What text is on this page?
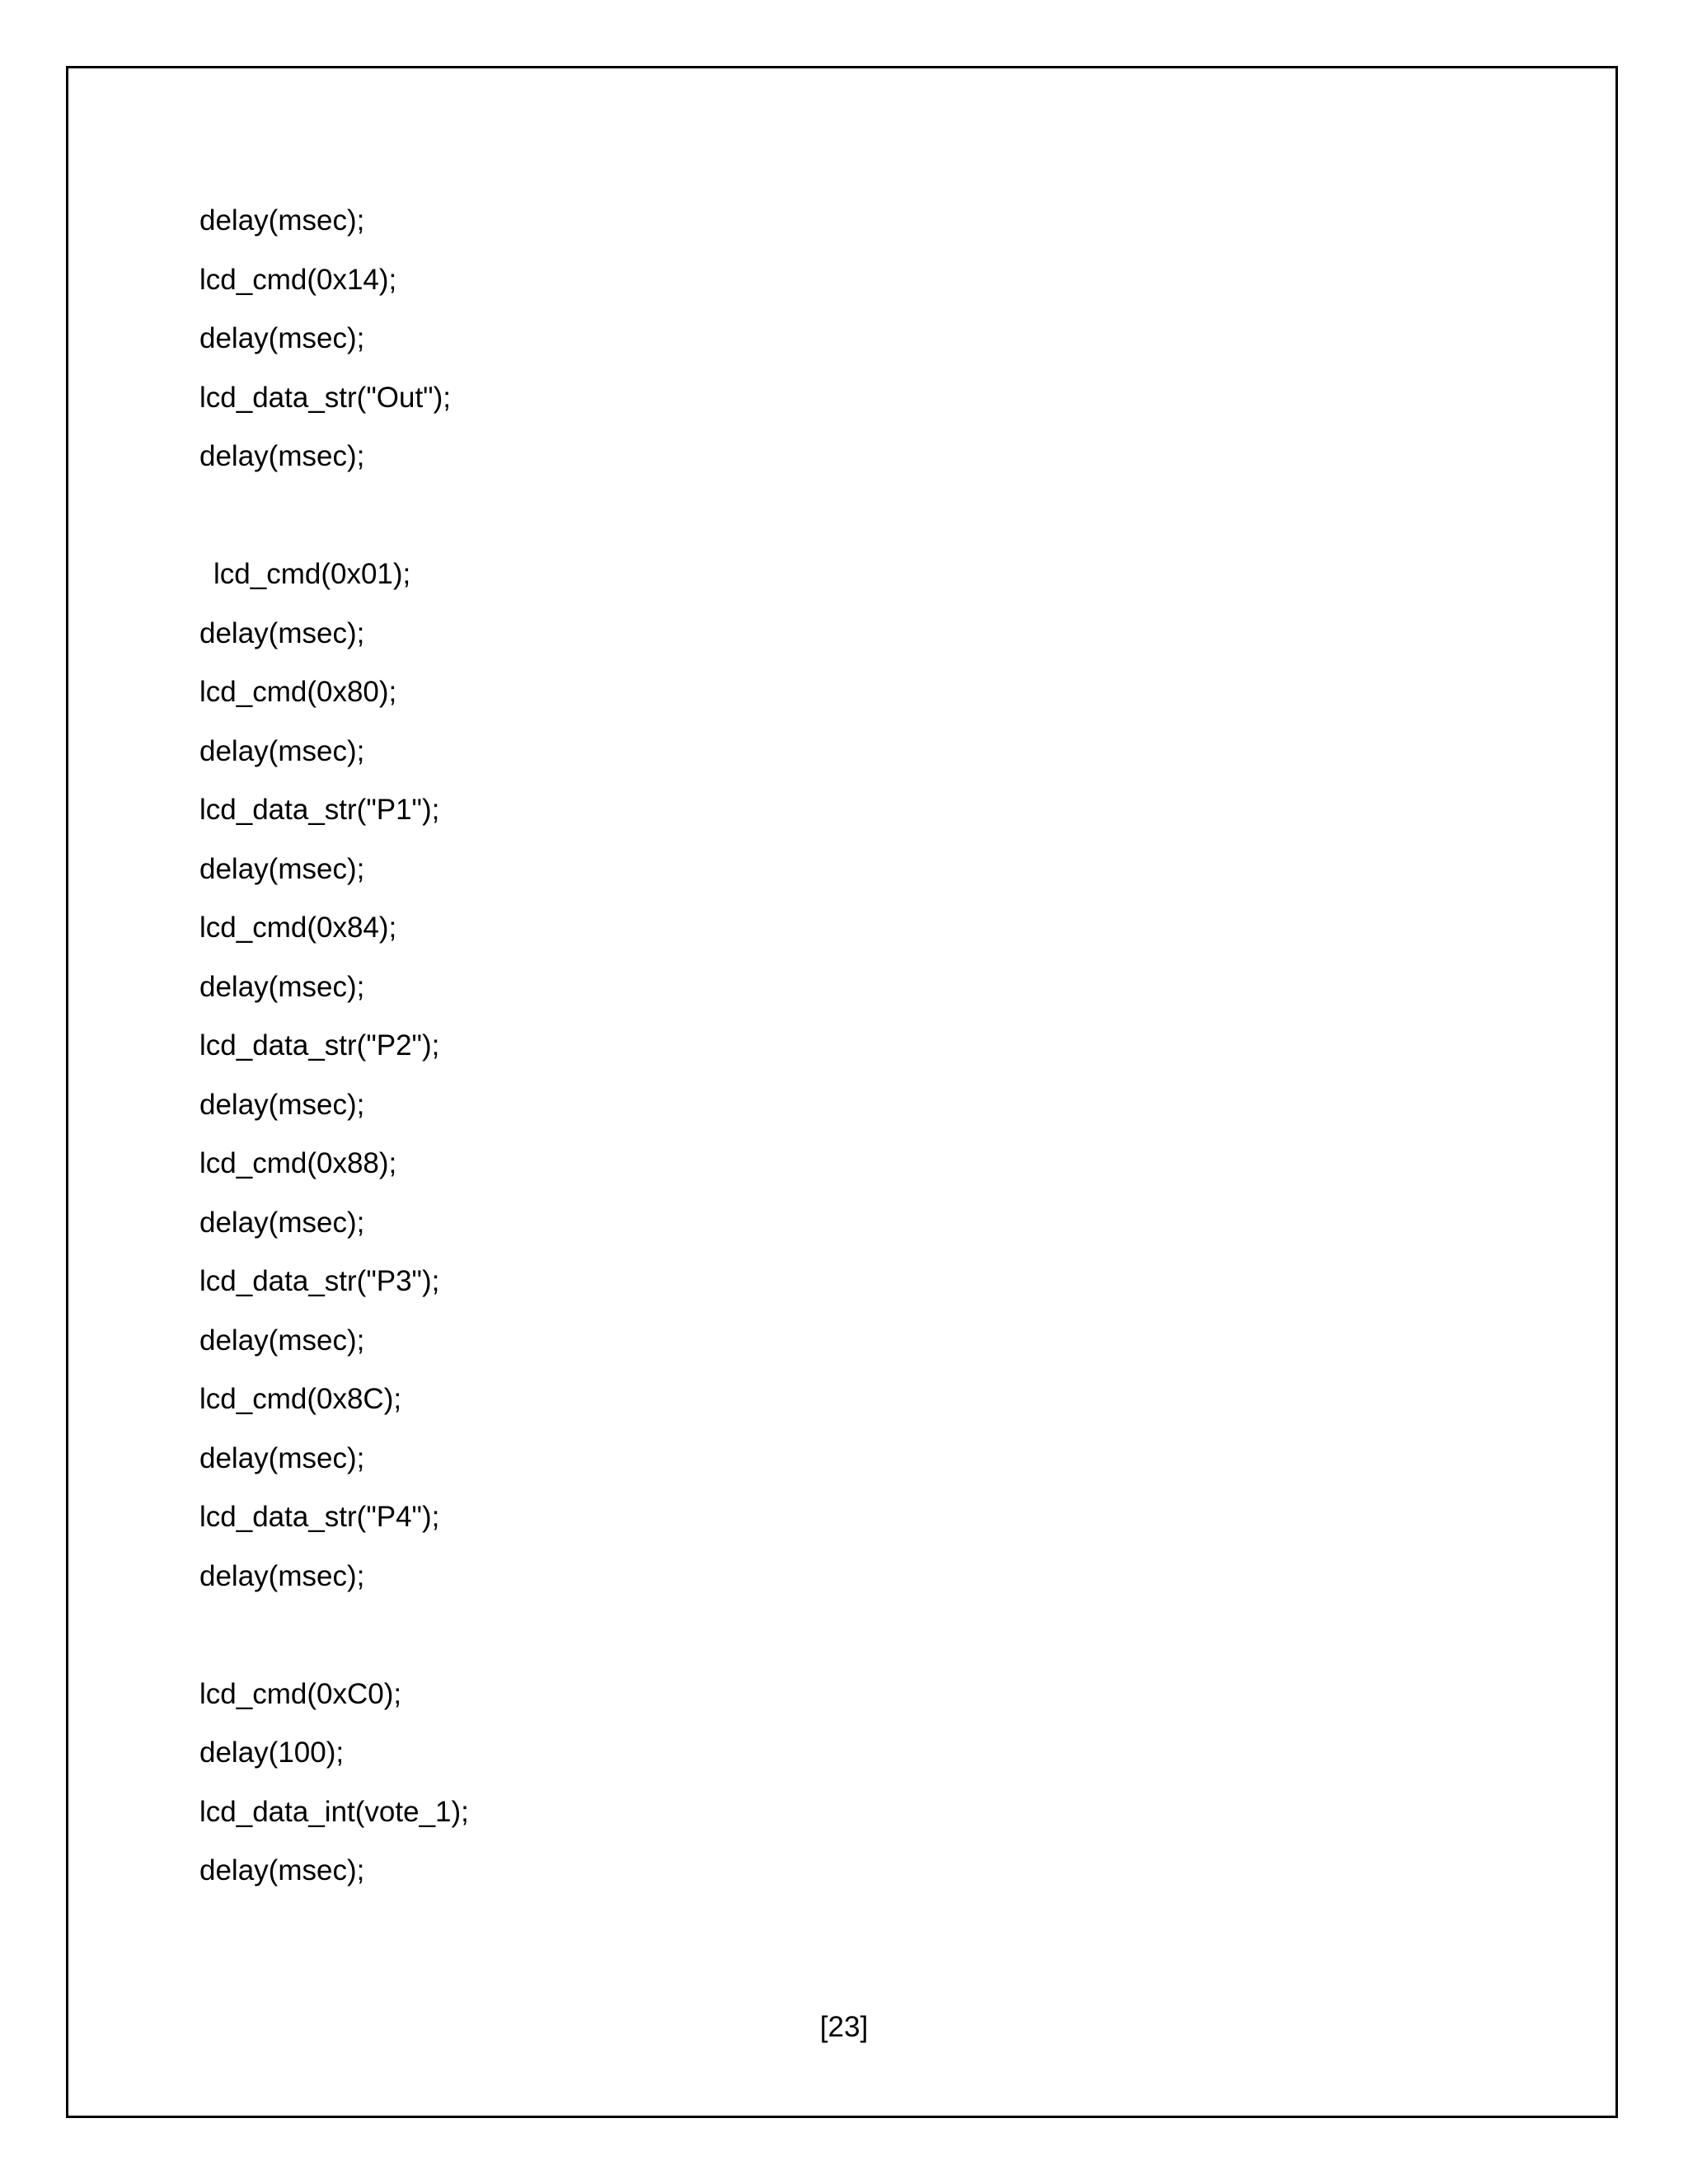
delay(msec);
lcd_cmd(0x14);
delay(msec);
lcd_data_str("Out");
delay(msec);
lcd_cmd(0x01);
delay(msec);
lcd_cmd(0x80);
delay(msec);
lcd_data_str("P1");
delay(msec);
lcd_cmd(0x84);
delay(msec);
lcd_data_str("P2");
delay(msec);
lcd_cmd(0x88);
delay(msec);
lcd_data_str("P3");
delay(msec);
lcd_cmd(0x8C);
delay(msec);
lcd_data_str("P4");
delay(msec);
lcd_cmd(0xC0);
delay(100);
lcd_data_int(vote_1);
delay(msec);
[23]
